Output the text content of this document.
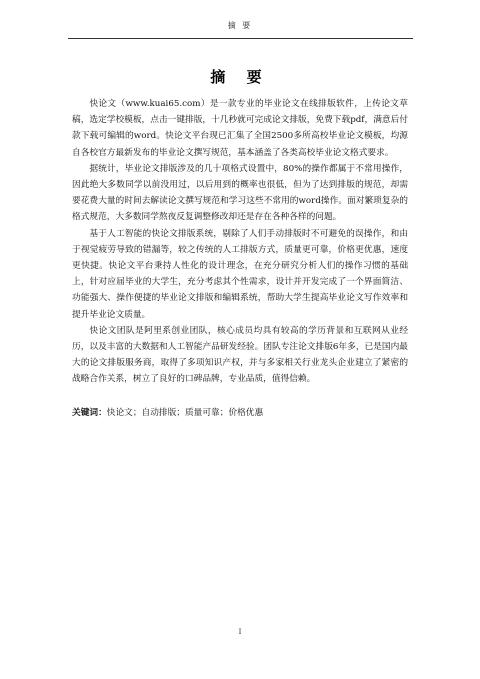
摘 要
摘 要

快论文（www.kuai65.com）是一款专业的毕业论文在线排版软件，上传论文草稿，选定学校模板，点击一键排版，十几秒就可完成论文排版，免费下载pdf，满意后付款下载可编辑的word。快论文平台现已汇集了全国2500多所高校毕业论文模板，均源自各校官方最新发布的毕业论文撰写规范，基本涵盖了各类高校毕业论文格式要求。

据统计，毕业论文排版涉及的几十项格式设置中，80%的操作都属于不常用操作，因此绝大多数同学以前没用过，以后用到的概率也很低，但为了达到排版的规范，却需要花费大量的时间去解读论文撰写规范和学习这些不常用的word操作。面对繁琐复杂的格式规范，大多数同学熬夜反复调整修改却还是存在各种各样的问题。

基于人工智能的快论文排版系统，剔除了人们手动排版时不可避免的误操作，和由于视觉疲劳导致的错漏等，较之传统的人工排版方式，质量更可靠，价格更优惠，速度更快捷。快论文平台秉持人性化的设计理念，在充分研究分析人们的操作习惯的基础上，针对应届毕业的大学生，充分考虑其个性需求，设计并开发完成了一个界面简洁、功能强大、操作便捷的毕业论文排版和编辑系统，帮助大学生提高毕业论文写作效率和提升毕业论文质量。

快论文团队是阿里系创业团队，核心成员均具有较高的学历背景和互联网从业经历，以及丰富的大数据和人工智能产品研发经验。团队专注论文排版6年多，已是国内最大的论文排版服务商，取得了多项知识产权，并与多家相关行业龙头企业建立了紧密的战略合作关系，树立了良好的口碑品牌，专业品质，值得信赖。

关键词：快论文；自动排版；质量可靠；价格优惠
I
